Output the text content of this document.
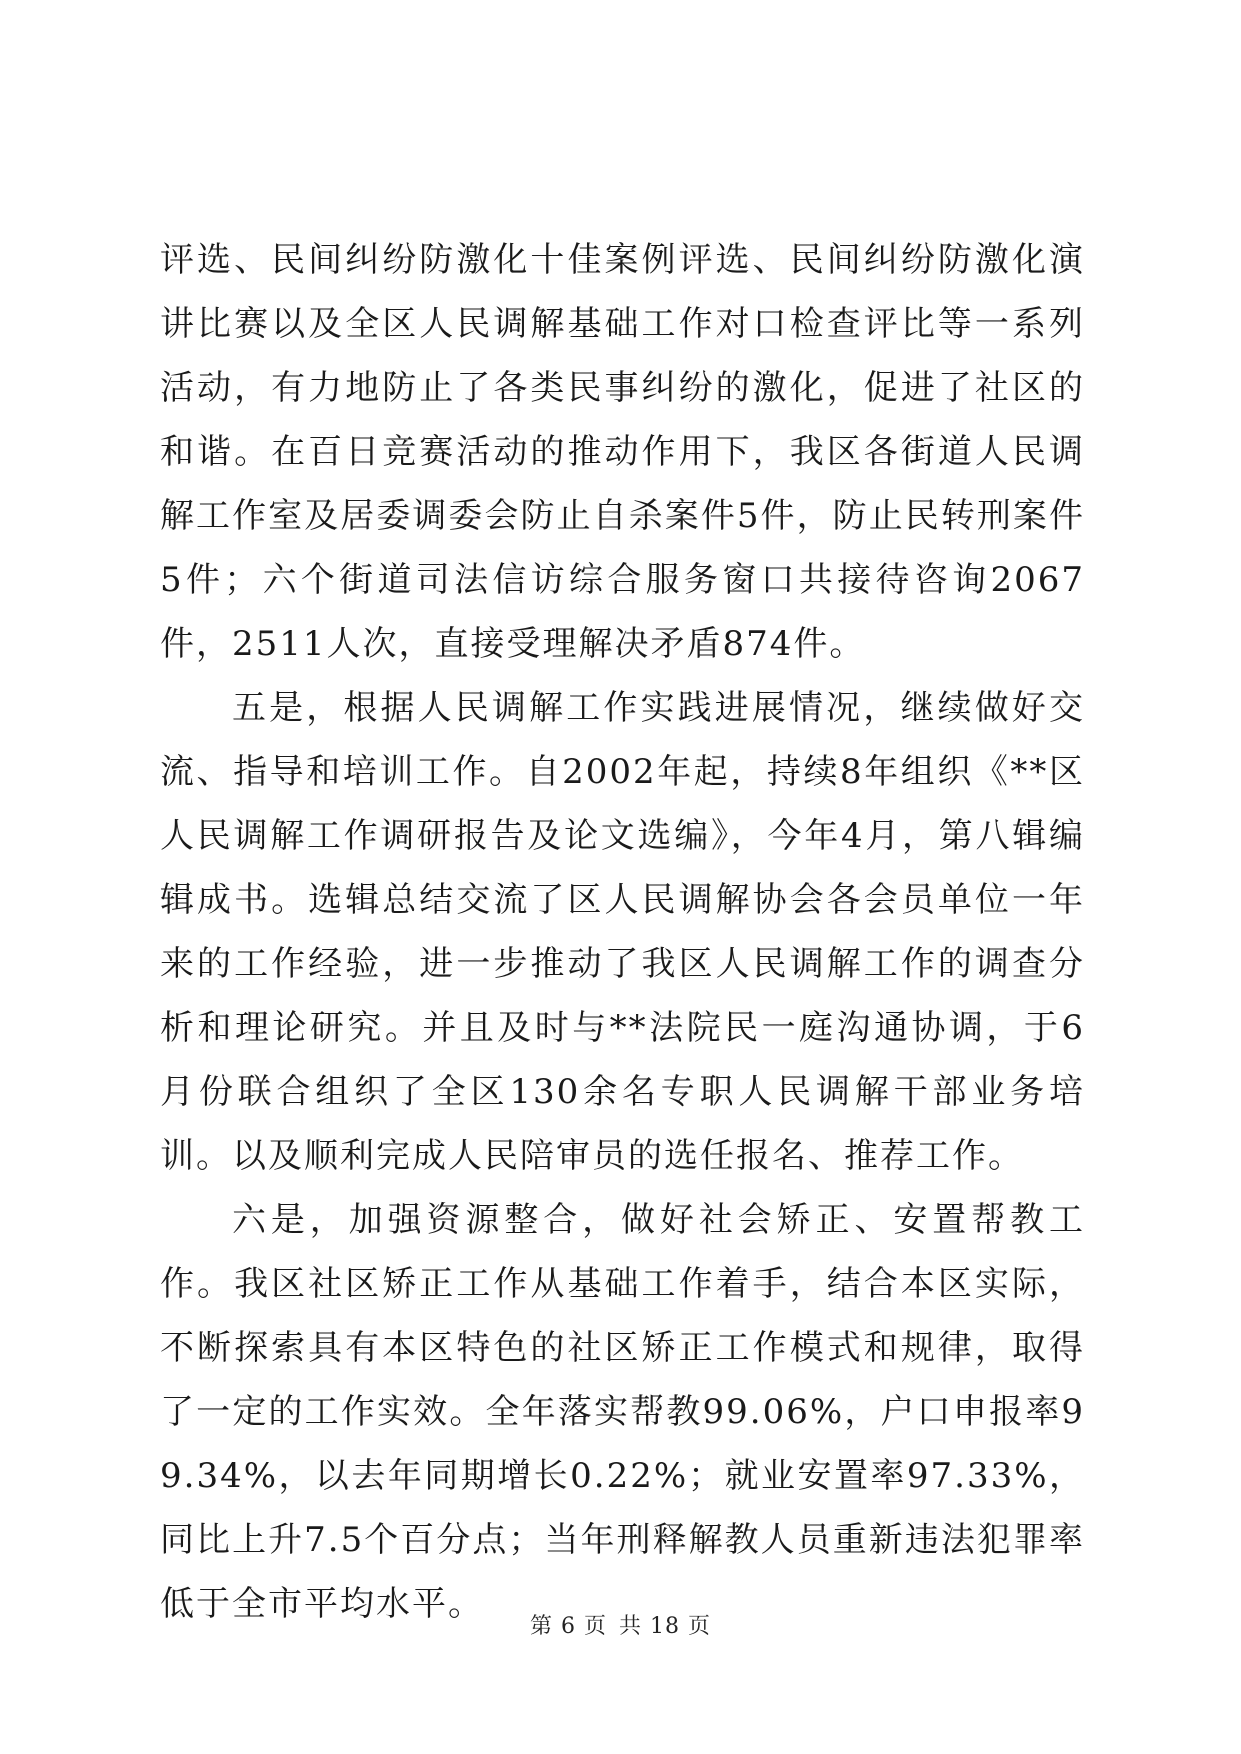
评选、民间纠纷防激化十佳案例评选、民间纠纷防激化演讲比赛以及全区人民调解基础工作对口检查评比等一系列活动，有力地防止了各类民事纠纷的激化，促进了社区的和谐。在百日竞赛活动的推动作用下，我区各街道人民调解工作室及居委调委会防止自杀案件5件，防止民转刑案件5件；六个街道司法信访综合服务窗口共接待咨询2067件，2511人次，直接受理解决矛盾874件。

五是，根据人民调解工作实践进展情况，继续做好交流、指导和培训工作。自2002年起，持续8年组织《**区人民调解工作调研报告及论文选编》，今年4月，第八辑编辑成书。选辑总结交流了区人民调解协会各会员单位一年来的工作经验，进一步推动了我区人民调解工作的调查分析和理论研究。并且及时与**法院民一庭沟通协调，于6月份联合组织了全区130余名专职人民调解干部业务培训。以及顺利完成人民陪审员的选任报名、推荐工作。

六是，加强资源整合，做好社会矫正、安置帮教工作。我区社区矫正工作从基础工作着手，结合本区实际，不断探索具有本区特色的社区矫正工作模式和规律，取得了一定的工作实效。全年落实帮教99.06%，户口申报率99.34%，以去年同期增长0.22%；就业安置率97.33%，同比上升7.5个百分点；当年刑释解教人员重新违法犯罪率低于全市平均水平。

第 6 页 共 18 页
